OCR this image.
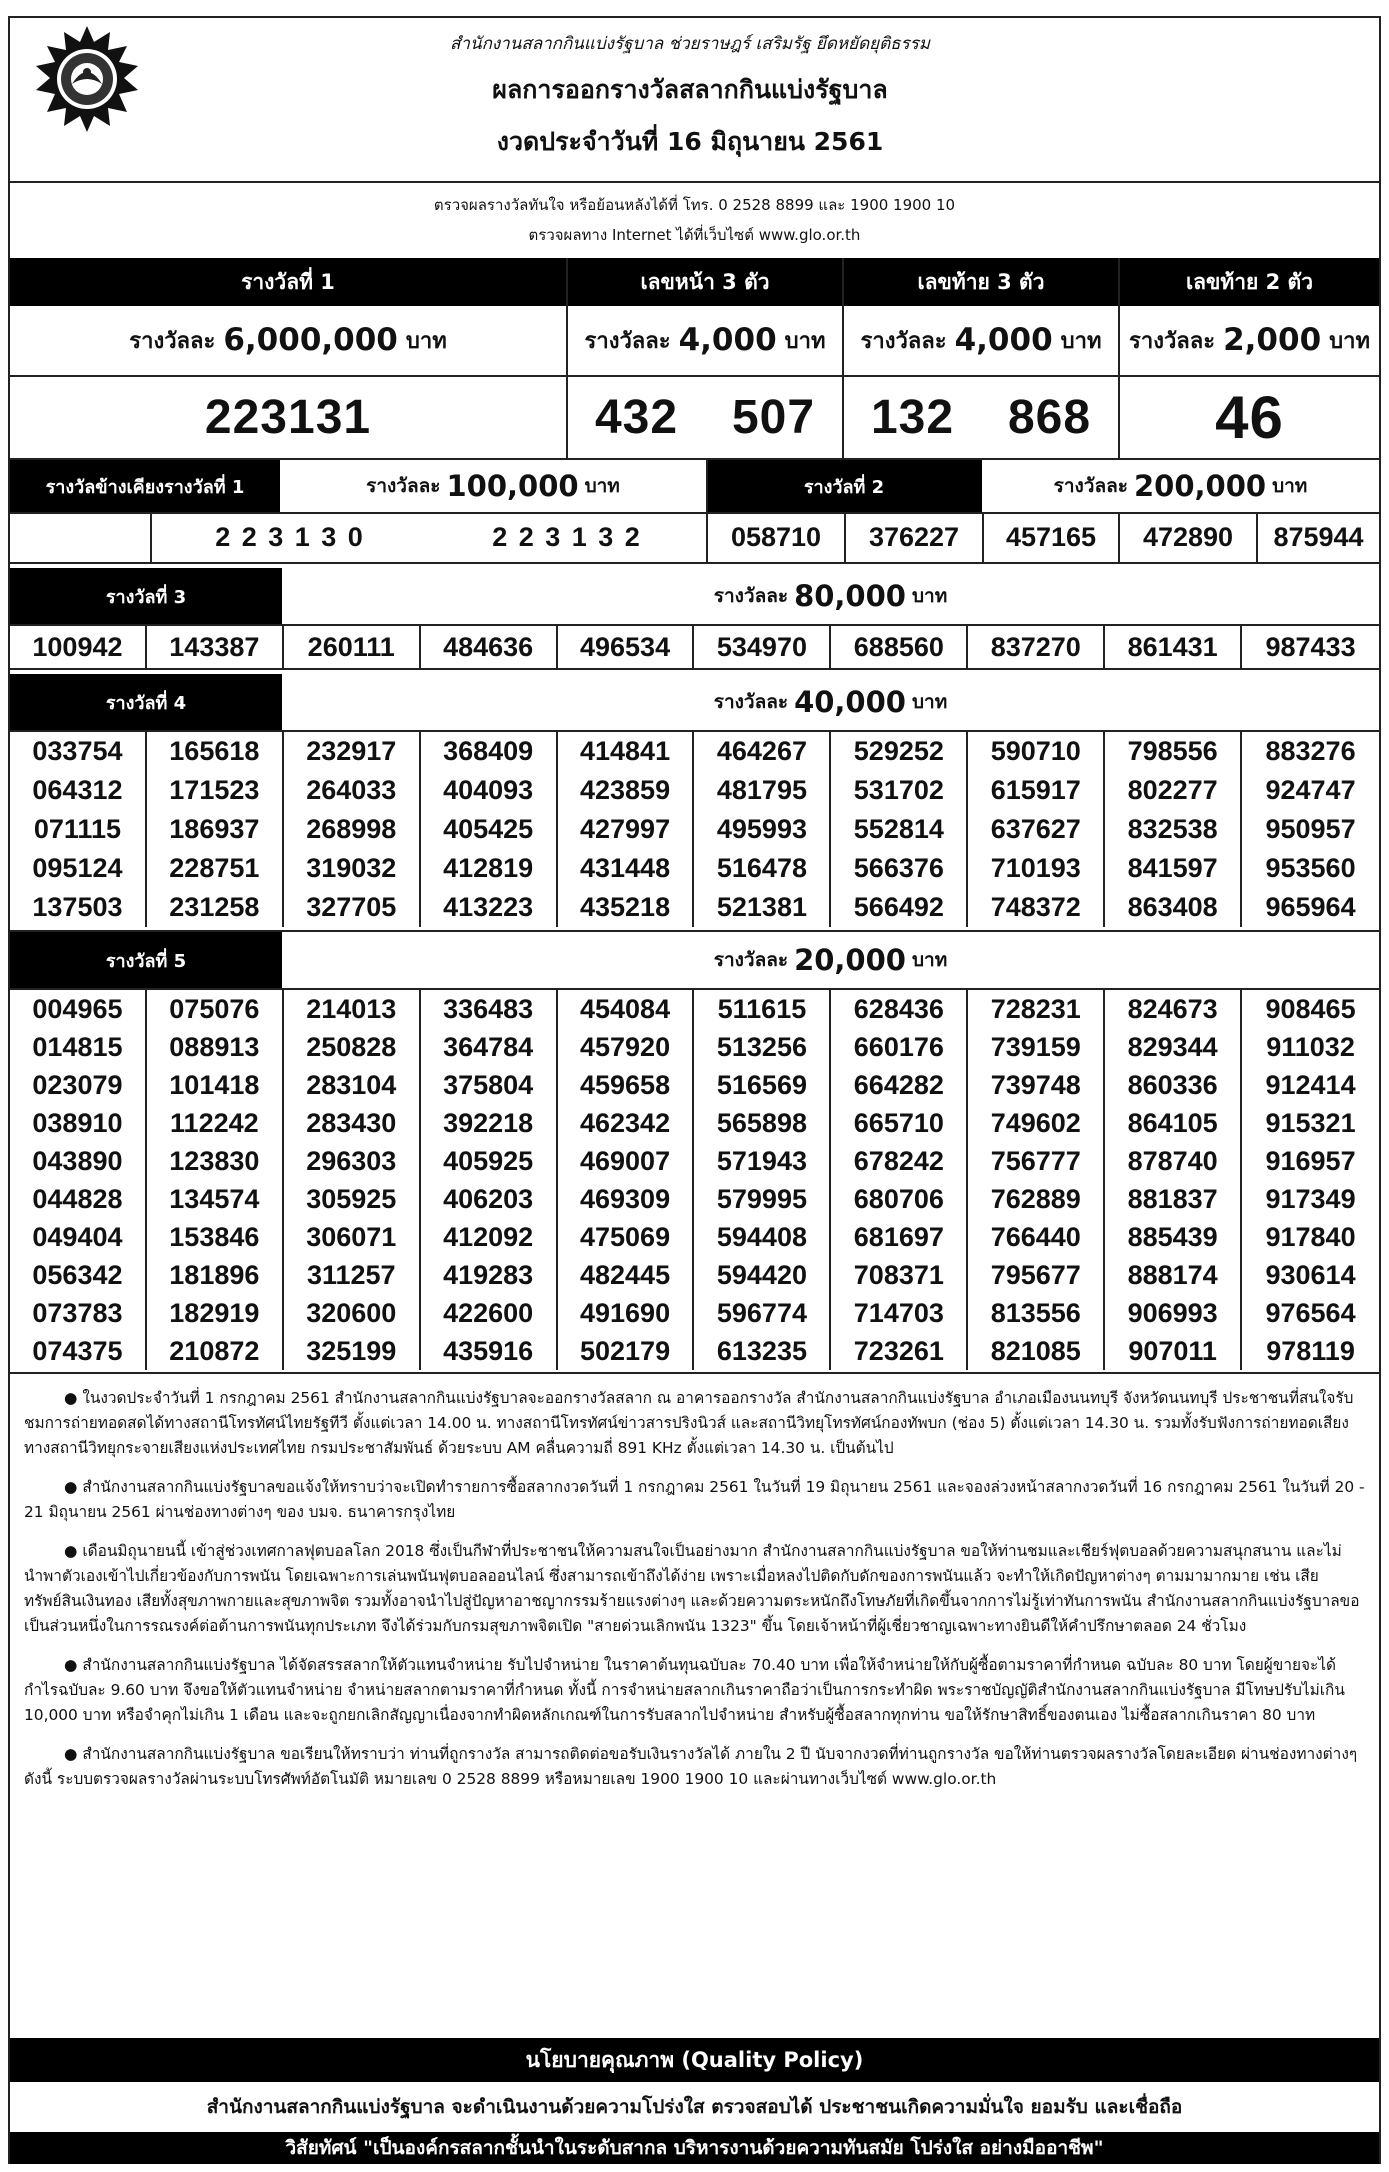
สำนักงานสลากกินแบ่งรัฐบาล ช่วยราษฎร์ เสริมรัฐ ยึดหยัดยุติธรรม
ผลการออกรางวัลสลากกินแบ่งรัฐบาล
งวดประจำวันที่ 16 มิถุนายน 2561
ตรวจผลรางวัลทันใจ หรือย้อนหลังได้ที่ โทร. 0 2528 8899 และ 1900 1900 10
ตรวจผลทาง Internet ได้ที่เว็บไซต์ www.glo.or.th
รางวัลที่ 1	เลขหน้า 3 ตัว	เลขท้าย 3 ตัว	เลขท้าย 2 ตัว
รางวัลละ 6,000,000 บาท	รางวัลละ 4,000 บาท รางวัลละ 4,000 บาท รางวัลละ 2,000 บาท
223131	432	507	132	868	46
รางวัลข้างเคียงรางวัลที่ 1	รางวัลละ 100,000 บาท	รางวัลที่ 2	รางวัลละ 200,000 บาท
2 2 3 1 3 0	2 2 3 1 3 2	058710	376227	457165	472890	875944
รางวัลที่ 3	รางวัลละ 80,000 บาท
100942	143387	260111	484636	496534	534970	688560	837270	861431	987433
รางวัลที่ 4	รางวัลละ 40,000 บาท
033754	165618	232917	368409	414841	464267	529252	590710	798556	883276
064312	171523	264033	404093	423859	481795	531702	615917	802277	924747
071115	186937	268998	405425	427997	495993	552814	637627	832538	950957
095124	228751	319032	412819	431448	516478	566376	710193	841597	953560
137503	231258	327705	413223	435218	521381	566492	748372	863408	965964
รางวัลที่ 5	รางวัลละ 20,000 บาท
004965	075076	214013	336483	454084	511615	628436	728231	824673	908465
014815	088913	250828	364784	457920	513256	660176	739159	829344	911032
023079	101418	283104	375804	459658	516569	664282	739748	860336	912414
038910	112242	283430	392218	462342	565898	665710	749602	864105	915321
043890	123830	296303	405925	469007	571943	678242	756777	878740	916957
044828	134574	305925	406203	469309	579995	680706	762889	881837	917349
049404	153846	306071	412092	475069	594408	681697	766440	885439	917840
056342	181896	311257	419283	482445	594420	708371	795677	888174	930614
073783	182919	320600	422600	491690	596774	714703	813556	906993	976564
074375	210872	325199	435916	502179	613235	723261	821085	907011	978119

● ในงวดประจำวันที่ 1 กรกฎาคม 2561 สำนักงานสลากกินแบ่งรัฐบาลจะออกรางวัลสลาก ณ อาคารออกรางวัล สำนักงานสลากกินแบ่งรัฐบาล อำเภอเมืองนนทบุรี จังหวัดนนทบุรี ประชาชนที่สนใจรับชมการถ่ายทอดสดได้ทางสถานีโทรทัศน์ไทยรัฐทีวี ตั้งแต่เวลา 14.00 น. ทางสถานีโทรทัศน์ข่าวสารปริงนิวส์ และสถานีวิทยุโทรทัศน์กองทัพบก (ช่อง 5) ตั้งแต่เวลา 14.30 น. รวมทั้งรับฟังการถ่ายทอดเสียงทางสถานีวิทยุกระจายเสียงแห่งประเทศไทย กรมประชาสัมพันธ์ ด้วยระบบ AM คลื่นความถี่ 891 KHz ตั้งแต่เวลา 14.30 น. เป็นต้นไป

● สำนักงานสลากกินแบ่งรัฐบาลขอแจ้งให้ทราบว่าจะเปิดทำรายการซื้อสลากงวดวันที่ 1 กรกฎาคม 2561 ในวันที่ 19 มิถุนายน 2561 และจองล่วงหน้าสลากงวดวันที่ 16 กรกฎาคม 2561 ในวันที่ 20 - 21 มิถุนายน 2561 ผ่านช่องทางต่างๆ ของ บมจ. ธนาคารกรุงไทย

● เดือนมิถุนายนนี้ เข้าสู่ช่วงเทศกาลฟุตบอลโลก 2018 ซึ่งเป็นกีฬาที่ประชาชนให้ความสนใจเป็นอย่างมาก สำนักงานสลากกินแบ่งรัฐบาล ขอให้ท่านชมและเชียร์ฟุตบอลด้วยความสนุกสนาน และไม่นำพาตัวเองเข้าไปเกี่ยวข้องกับการพนัน โดยเฉพาะการเล่นพนันฟุตบอลออนไลน์ ซึ่งสามารถเข้าถึงได้ง่าย เพราะเมื่อหลงไปติดกับดักของการพนันแล้ว จะทำให้เกิดปัญหาต่างๆ ตามมามากมาย เช่น เสียทรัพย์สินเงินทอง เสียทั้งสุขภาพกายและสุขภาพจิต รวมทั้งอาจนำไปสู่ปัญหาอาชญากรรมร้ายแรงต่างๆ และด้วยความตระหนักถึงโทษภัยที่เกิดขึ้นจากการไม่รู้เท่าทันการพนัน สำนักงานสลากกินแบ่งรัฐบาลขอเป็นส่วนหนึ่งในการรณรงค์ต่อต้านการพนันทุกประเภท จึงได้ร่วมกับกรมสุขภาพจิตเปิด "สายด่วนเลิกพนัน 1323" ขึ้น โดยเจ้าหน้าที่ผู้เชี่ยวชาญเฉพาะทางยินดีให้คำปรึกษาตลอด 24 ชั่วโมง

● สำนักงานสลากกินแบ่งรัฐบาล ได้จัดสรรสลากให้ตัวแทนจำหน่าย รับไปจำหน่าย ในราคาต้นทุนฉบับละ 70.40 บาท เพื่อให้จำหน่ายให้กับผู้ซื้อตามราคาที่กำหนด ฉบับละ 80 บาท โดยผู้ขายจะได้กำไรฉบับละ 9.60 บาท จึงขอให้ตัวแทนจำหน่าย จำหน่ายสลากตามราคาที่กำหนด ทั้งนี้ การจำหน่ายสลากเกินราคาถือว่าเป็นการกระทำผิด พระราชบัญญัติสำนักงานสลากกินแบ่งรัฐบาล มีโทษปรับไม่เกิน 10,000 บาท หรือจำคุกไม่เกิน 1 เดือน และจะถูกยกเลิกสัญญาเนื่องจากทำผิดหลักเกณฑ์ในการรับสลากไปจำหน่าย สำหรับผู้ซื้อสลากทุกท่าน ขอให้รักษาสิทธิ์ของตนเอง ไม่ซื้อสลากเกินราคา 80 บาท

● สำนักงานสลากกินแบ่งรัฐบาล ขอเรียนให้ทราบว่า ท่านที่ถูกรางวัล สามารถติดต่อขอรับเงินรางวัลได้ ภายใน 2 ปี นับจากงวดที่ท่านถูกรางวัล ขอให้ท่านตรวจผลรางวัลโดยละเอียด ผ่านช่องทางต่างๆ ดังนี้ ระบบตรวจผลรางวัลผ่านระบบโทรศัพท์อัตโนมัติ หมายเลข 0 2528 8899 หรือหมายเลข 1900 1900 10 และผ่านทางเว็บไซต์ www.glo.or.th

นโยบายคุณภาพ (Quality Policy)
สำนักงานสลากกินแบ่งรัฐบาล จะดำเนินงานด้วยความโปร่งใส ตรวจสอบได้ ประชาชนเกิดความมั่นใจ ยอมรับ และเชื่อถือ
วิสัยทัศน์ "เป็นองค์กรสลากชั้นนำในระดับสากล บริหารงานด้วยความทันสมัย โปร่งใส อย่างมืออาชีพ"
